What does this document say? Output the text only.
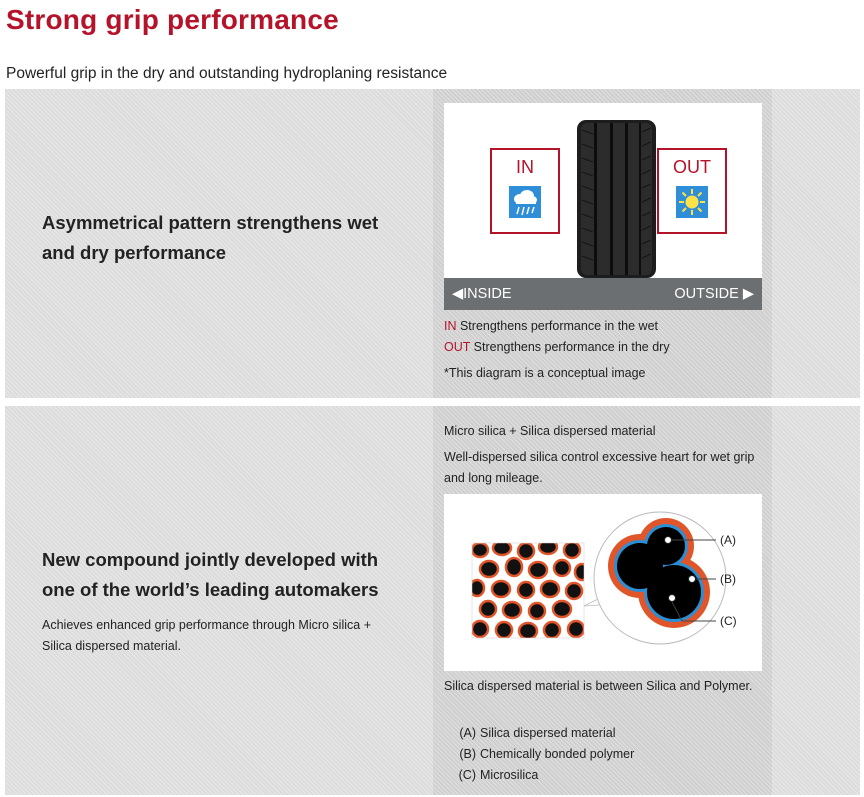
Strong grip performance

Powerful grip in the dry and outstanding hydroplaning resistance

Asymmetrical pattern strengthens wet and dry performance
IN	OUT
◀INSIDE	OUTSIDE ▶

IN Strengthens performance in the wet

OUT Strengthens performance in the dry

*This diagram is a conceptual image

New compound jointly developed with one of the world’s leading automakers

Achieves enhanced grip performance through Micro silica + Silica dispersed material.

Micro silica + Silica dispersed material

Well-dispersed silica control excessive heart for wet grip and long mileage.

(A)
(B)
(C)

Silica dispersed material is between Silica and Polymer.

(A) Silica dispersed material

(B) Chemically bonded polymer

(C) Microsilica
